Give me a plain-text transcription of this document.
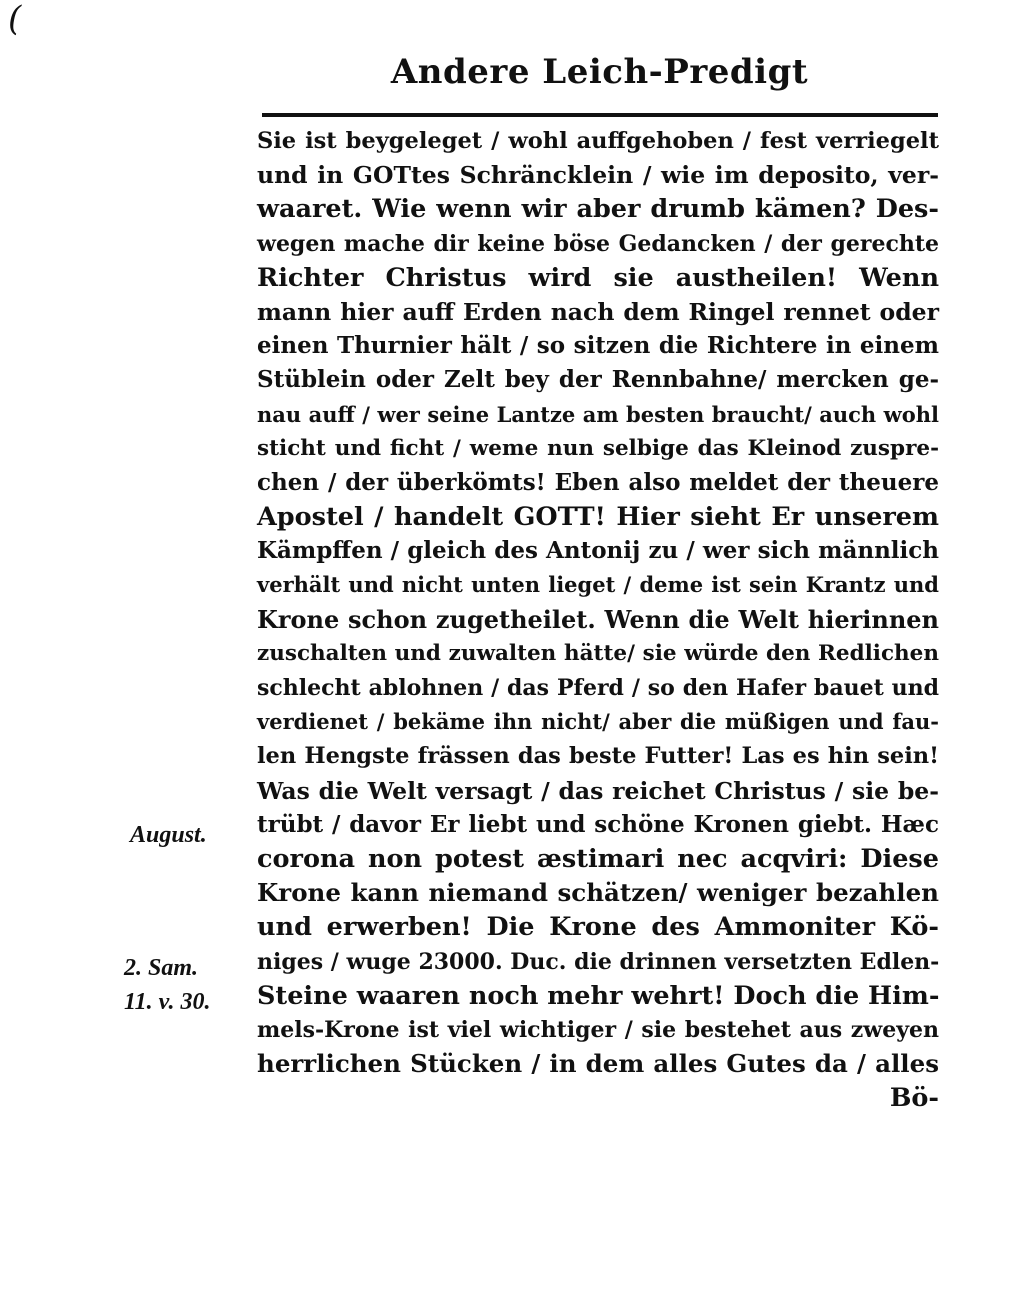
(
Andere Leich-Predigt
Sie ist beygeleget / wohl auffgehoben / fest verriegelt
und in GOTtes Schräncklein / wie im deposito, ver-
waaret. Wie wenn wir aber drumb kämen? Des-
wegen mache dir keine böse Gedancken / der gerechte
Richter Christus wird sie austheilen! Wenn
mann hier auff Erden nach dem Ringel rennet oder
einen Thurnier hält / so sitzen die Richtere in einem
Stüblein oder Zelt bey der Rennbahne/ mercken ge-
nau auff / wer seine Lantze am besten braucht/ auch wohl
sticht und ficht / weme nun selbige das Kleinod zuspre-
chen / der überkömts! Eben also meldet der theuere
Apostel / handelt GOTT! Hier sieht Er unserem
Kämpffen / gleich des Antonij zu / wer sich männlich
verhält und nicht unten lieget / deme ist sein Krantz und
Krone schon zugetheilet. Wenn die Welt hierinnen
zuschalten und zuwalten hätte/ sie würde den Redlichen
schlecht ablohnen / das Pferd / so den Hafer bauet und
verdienet / bekäme ihn nicht/ aber die müßigen und fau-
len Hengste frässen das beste Futter! Las es hin sein!
Was die Welt versagt / das reichet Christus / sie be-
trübt / davor Er liebt und schöne Kronen giebt. Hæc
corona non potest æstimari nec acqviri: Diese
Krone kann niemand schätzen/ weniger bezahlen
und erwerben! Die Krone des Ammoniter Kö-
niges / wuge 23000. Duc. die drinnen versetzten Edlen-
Steine waaren noch mehr wehrt! Doch die Him-
mels-Krone ist viel wichtiger / sie bestehet aus zweyen
herrlichen Stücken / in dem alles Gutes da / alles
Bö-
August.
2. Sam.
11. v. 30.
